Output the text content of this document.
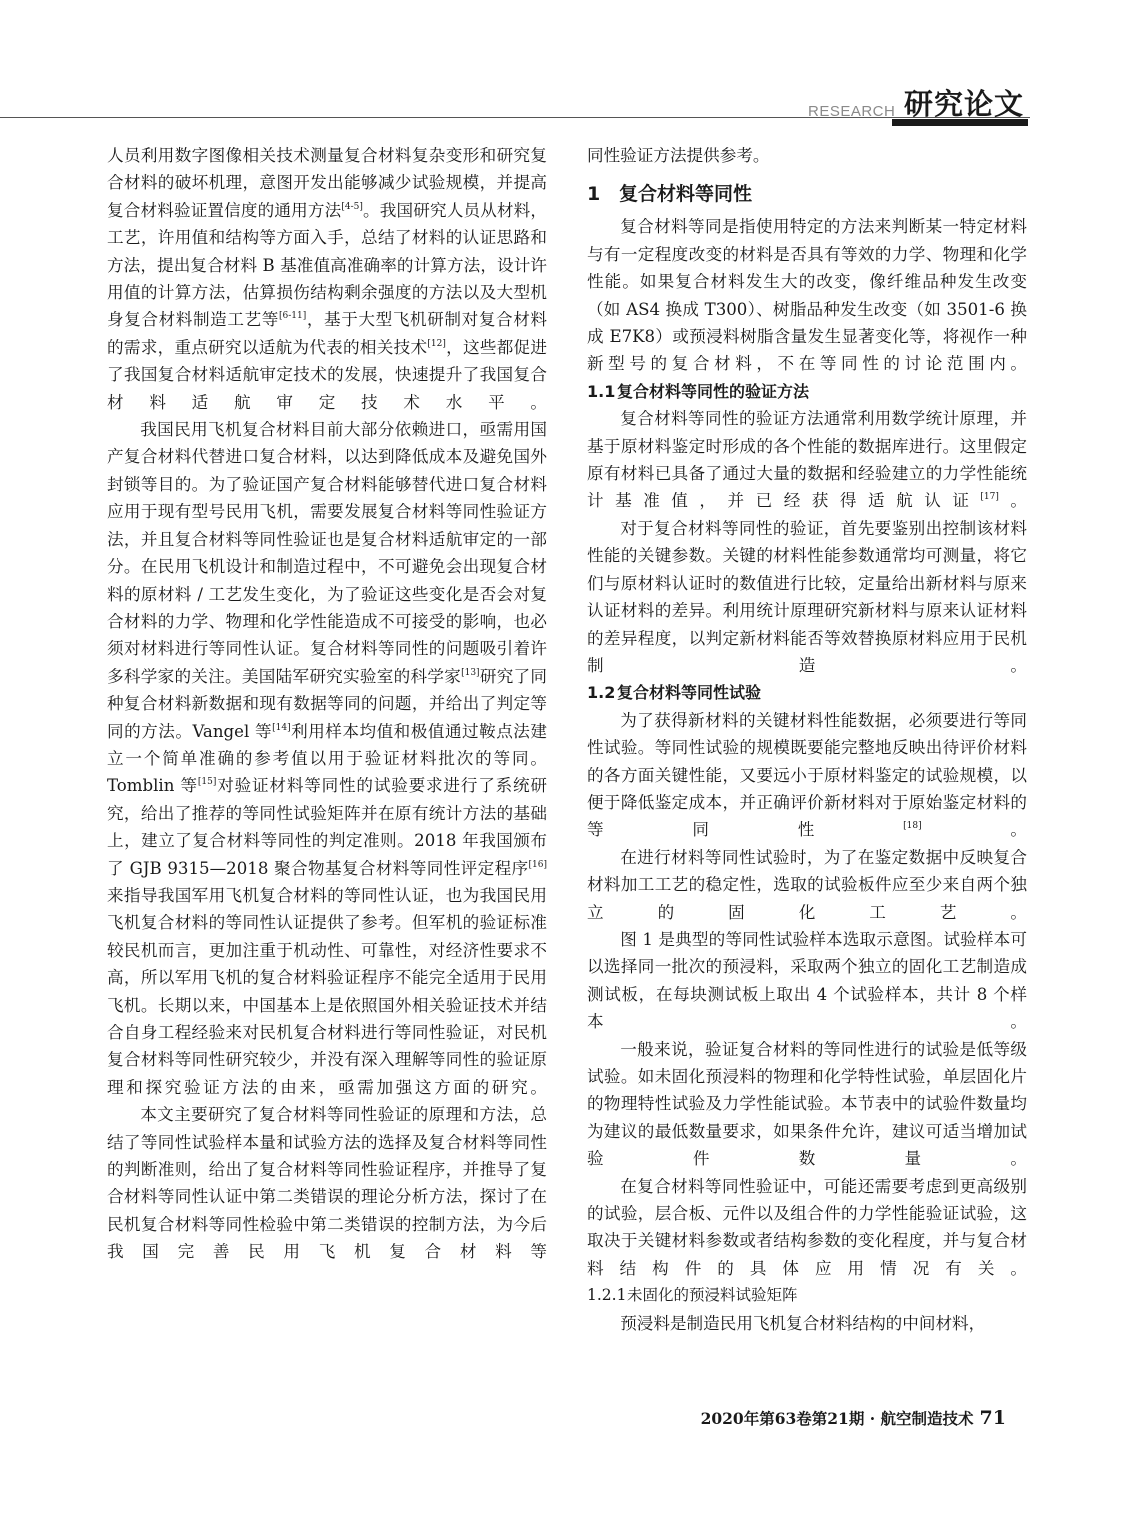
RESEARCH 研究论文

人员利用数字图像相关技术测量复合材料复杂变形和研究复合材料的破坏机理，意图开发出能够减少试验规模，并提高复合材料验证置信度的通用方法[4-5]。我国研究人员从材料，工艺，许用值和结构等方面入手，总结了材料的认证思路和方法，提出复合材料 B 基准值高准确率的计算方法，设计许用值的计算方法，估算损伤结构剩余强度的方法以及大型机身复合材料制造工艺等[6-11]，基于大型飞机研制对复合材料的需求，重点研究以适航为代表的相关技术[12]，这些都促进了我国复合材料适航审定技术的发展，快速提升了我国复合材料适航审定技术水平。

我国民用飞机复合材料目前大部分依赖进口，亟需用国产复合材料代替进口复合材料，以达到降低成本及避免国外封锁等目的。为了验证国产复合材料能够替代进口复合材料应用于现有型号民用飞机，需要发展复合材料等同性验证方法，并且复合材料等同性验证也是复合材料适航审定的一部分。在民用飞机设计和制造过程中，不可避免会出现复合材料的原材料 / 工艺发生变化，为了验证这些变化是否会对复合材料的力学、物理和化学性能造成不可接受的影响，也必须对材料进行等同性认证。复合材料等同性的问题吸引着许多科学家的关注。美国陆军研究实验室的科学家[13]研究了同种复合材料新数据和现有数据等同的问题，并给出了判定等同的方法。Vangel 等[14]利用样本均值和极值通过鞍点法建立一个简单准确的参考值以用于验证材料批次的等同。Tomblin 等[15]对验证材料等同性的试验要求进行了系统研究，给出了推荐的等同性试验矩阵并在原有统计方法的基础上，建立了复合材料等同性的判定准则。2018 年我国颁布了 GJB 9315—2018 聚合物基复合材料等同性评定程序[16]来指导我国军用飞机复合材料的等同性认证，也为我国民用飞机复合材料的等同性认证提供了参考。但军机的验证标准较民机而言，更加注重于机动性、可靠性，对经济性要求不高，所以军用飞机的复合材料验证程序不能完全适用于民用飞机。长期以来，中国基本上是依照国外相关验证技术并结合自身工程经验来对民机复合材料进行等同性验证，对民机复合材料等同性研究较少，并没有深入理解等同性的验证原理和探究验证方法的由来，亟需加强这方面的研究。

本文主要研究了复合材料等同性验证的原理和方法，总结了等同性试验样本量和试验方法的选择及复合材料等同性的判断准则，给出了复合材料等同性验证程序，并推导了复合材料等同性认证中第二类错误的理论分析方法，探讨了在民机复合材料等同性检验中第二类错误的控制方法，为今后我国完善民用飞机复合材料等

同性验证方法提供参考。

1 复合材料等同性

复合材料等同是指使用特定的方法来判断某一特定材料与有一定程度改变的材料是否具有等效的力学、物理和化学性能。如果复合材料发生大的改变，像纤维品种发生改变（如 AS4 换成 T300）、树脂品种发生改变（如 3501-6 换成 E7K8）或预浸料树脂含量发生显著变化等，将视作一种新型号的复合材料，不在等同性的讨论范围内。

1.1 复合材料等同性的验证方法

复合材料等同性的验证方法通常利用数学统计原理，并基于原材料鉴定时形成的各个性能的数据库进行。这里假定原有材料已具备了通过大量的数据和经验建立的力学性能统计基准值，并已经获得适航认证[17]。

对于复合材料等同性的验证，首先要鉴别出控制该材料性能的关键参数。关键的材料性能参数通常均可测量，将它们与原材料认证时的数值进行比较，定量给出新材料与原来认证材料的差异。利用统计原理研究新材料与原来认证材料的差异程度，以判定新材料能否等效替换原材料应用于民机制造。

1.2 复合材料等同性试验

为了获得新材料的关键材料性能数据，必须要进行等同性试验。等同性试验的规模既要能完整地反映出待评价材料的各方面关键性能，又要远小于原材料鉴定的试验规模，以便于降低鉴定成本，并正确评价新材料对于原始鉴定材料的等同性[18]。

在进行材料等同性试验时，为了在鉴定数据中反映复合材料加工工艺的稳定性，选取的试验板件应至少来自两个独立的固化工艺。

图 1 是典型的等同性试验样本选取示意图。试验样本可以选择同一批次的预浸料，采取两个独立的固化工艺制造成测试板，在每块测试板上取出 4 个试验样本，共计 8 个样本。

一般来说，验证复合材料的等同性进行的试验是低等级试验。如未固化预浸料的物理和化学特性试验，单层固化片的物理特性试验及力学性能试验。本节表中的试验件数量均为建议的最低数量要求，如果条件允许，建议可适当增加试验件数量。

在复合材料等同性验证中，可能还需要考虑到更高级别的试验，层合板、元件以及组合件的力学性能验证试验，这取决于关键材料参数或者结构参数的变化程度，并与复合材料结构件的具体应用情况有关。

1.2.1未固化的预浸料试验矩阵

预浸料是制造民用飞机复合材料结构的中间材料，

2020年第63卷第21期 · 航空制造技术 71
